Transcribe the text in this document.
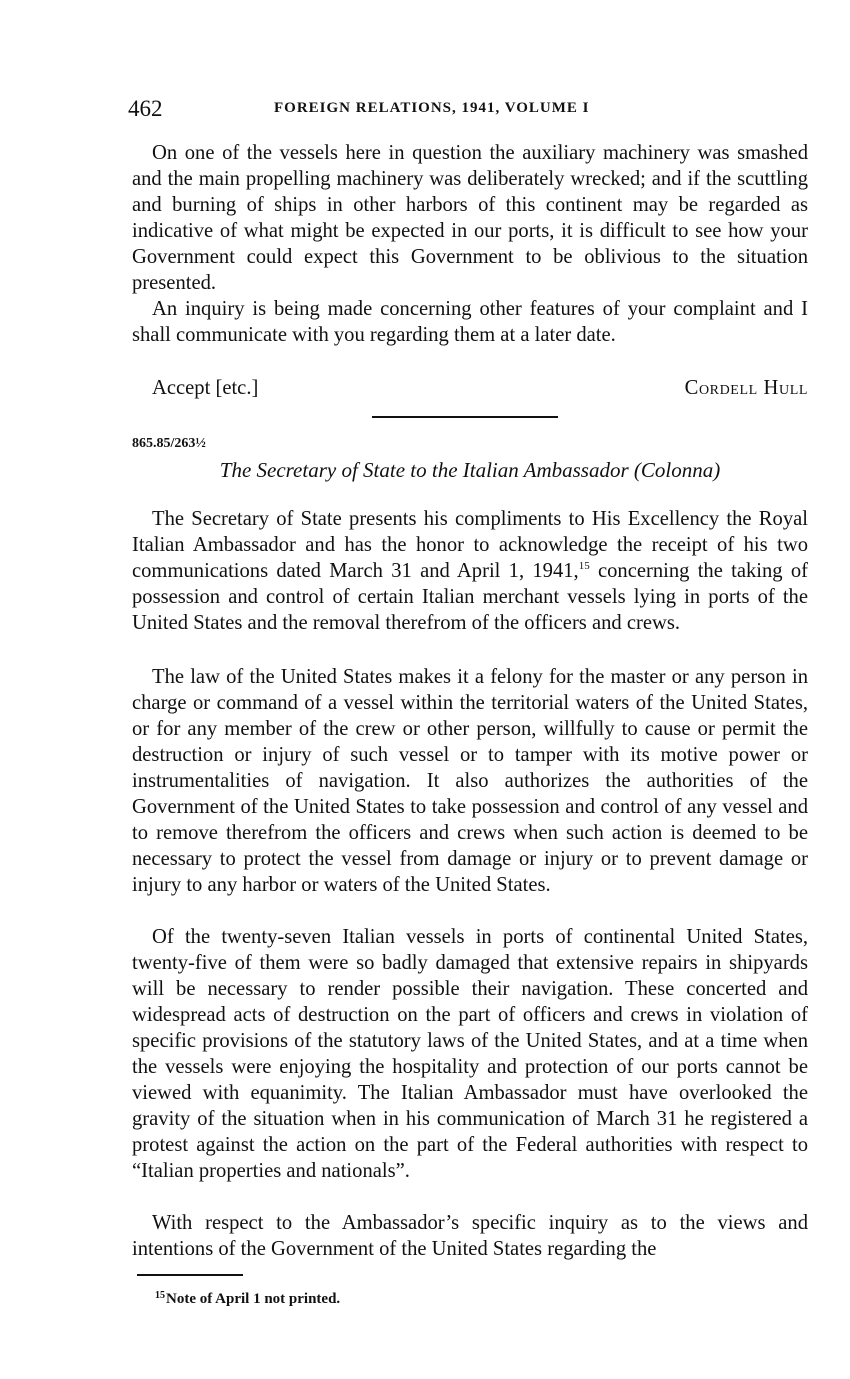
462	FOREIGN RELATIONS, 1941, VOLUME I

On one of the vessels here in question the auxiliary machinery was smashed and the main propelling machinery was deliberately wrecked; and if the scuttling and burning of ships in other harbors of this continent may be regarded as indicative of what might be expected in our ports, it is difficult to see how your Government could expect this Government to be oblivious to the situation presented.

An inquiry is being made concerning other features of your complaint and I shall communicate with you regarding them at a later date.

Accept [etc.]	Cordell Hull
865.85/263½
The Secretary of State to the Italian Ambassador (Colonna)

The Secretary of State presents his compliments to His Excellency the Royal Italian Ambassador and has the honor to acknowledge the receipt of his two communications dated March 31 and April 1, 1941,15 concerning the taking of possession and control of certain Italian merchant vessels lying in ports of the United States and the removal therefrom of the officers and crews.

The law of the United States makes it a felony for the master or any person in charge or command of a vessel within the territorial waters of the United States, or for any member of the crew or other person, willfully to cause or permit the destruction or injury of such vessel or to tamper with its motive power or instrumentalities of navigation. It also authorizes the authorities of the Government of the United States to take possession and control of any vessel and to remove therefrom the officers and crews when such action is deemed to be necessary to protect the vessel from damage or injury or to prevent damage or injury to any harbor or waters of the United States.

Of the twenty-seven Italian vessels in ports of continental United States, twenty-five of them were so badly damaged that extensive repairs in shipyards will be necessary to render possible their navigation. These concerted and widespread acts of destruction on the part of officers and crews in violation of specific provisions of the statutory laws of the United States, and at a time when the vessels were enjoying the hospitality and protection of our ports cannot be viewed with equanimity. The Italian Ambassador must have overlooked the gravity of the situation when in his communication of March 31 he registered a protest against the action on the part of the Federal authorities with respect to “Italian properties and nationals”.

With respect to the Ambassador’s specific inquiry as to the views and intentions of the Government of the United States regarding the

$^{15}$Note of April 1 not printed.
